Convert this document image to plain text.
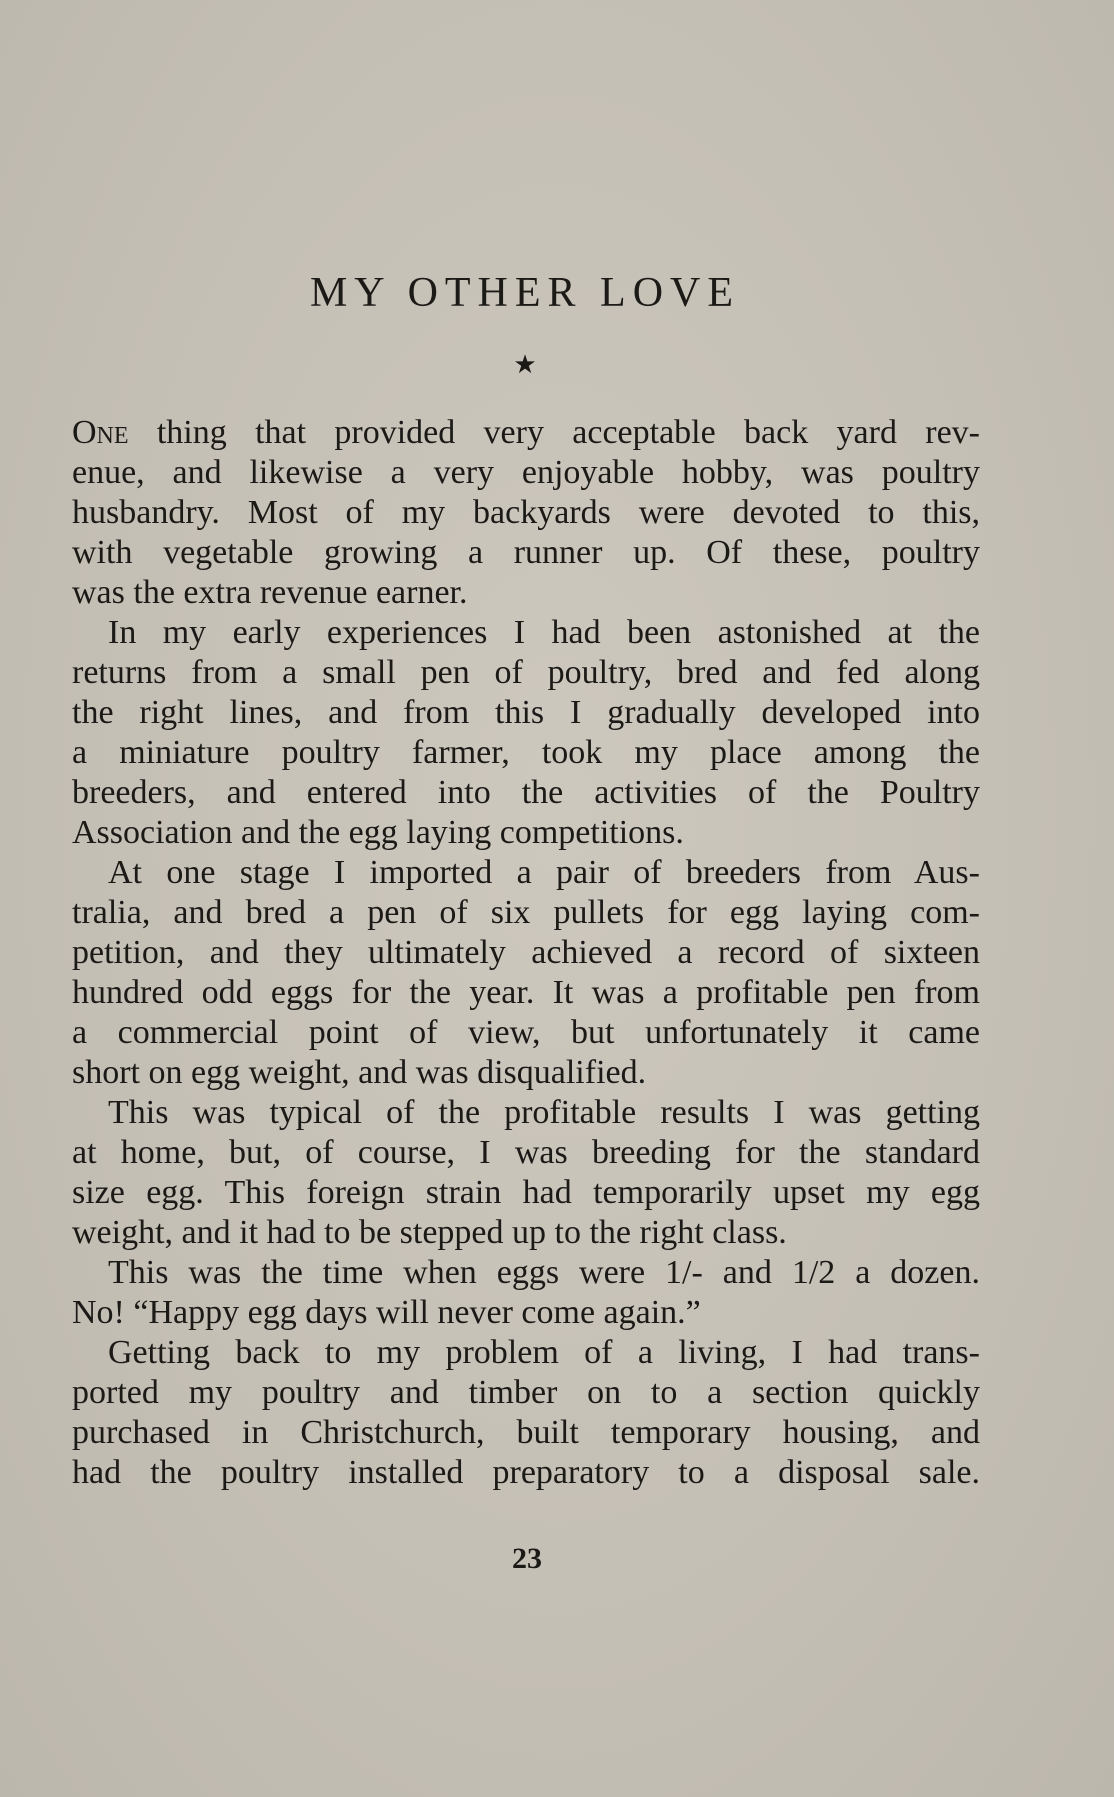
MY OTHER LOVE
★
One thing that provided very acceptable back yard rev-
enue, and likewise a very enjoyable hobby, was poultry
husbandry. Most of my backyards were devoted to this,
with vegetable growing a runner up. Of these, poultry
was the extra revenue earner.
In my early experiences I had been astonished at the
returns from a small pen of poultry, bred and fed along
the right lines, and from this I gradually developed into
a miniature poultry farmer, took my place among the
breeders, and entered into the activities of the Poultry
Association and the egg laying competitions.
At one stage I imported a pair of breeders from Aus-
tralia, and bred a pen of six pullets for egg laying com-
petition, and they ultimately achieved a record of sixteen
hundred odd eggs for the year. It was a profitable pen from
a commercial point of view, but unfortunately it came
short on egg weight, and was disqualified.
This was typical of the profitable results I was getting
at home, but, of course, I was breeding for the standard
size egg. This foreign strain had temporarily upset my egg
weight, and it had to be stepped up to the right class.
This was the time when eggs were 1/- and 1/2 a dozen.
No! “Happy egg days will never come again.”
Getting back to my problem of a living, I had trans-
ported my poultry and timber on to a section quickly
purchased in Christchurch, built temporary housing, and
had the poultry installed preparatory to a disposal sale.
23
